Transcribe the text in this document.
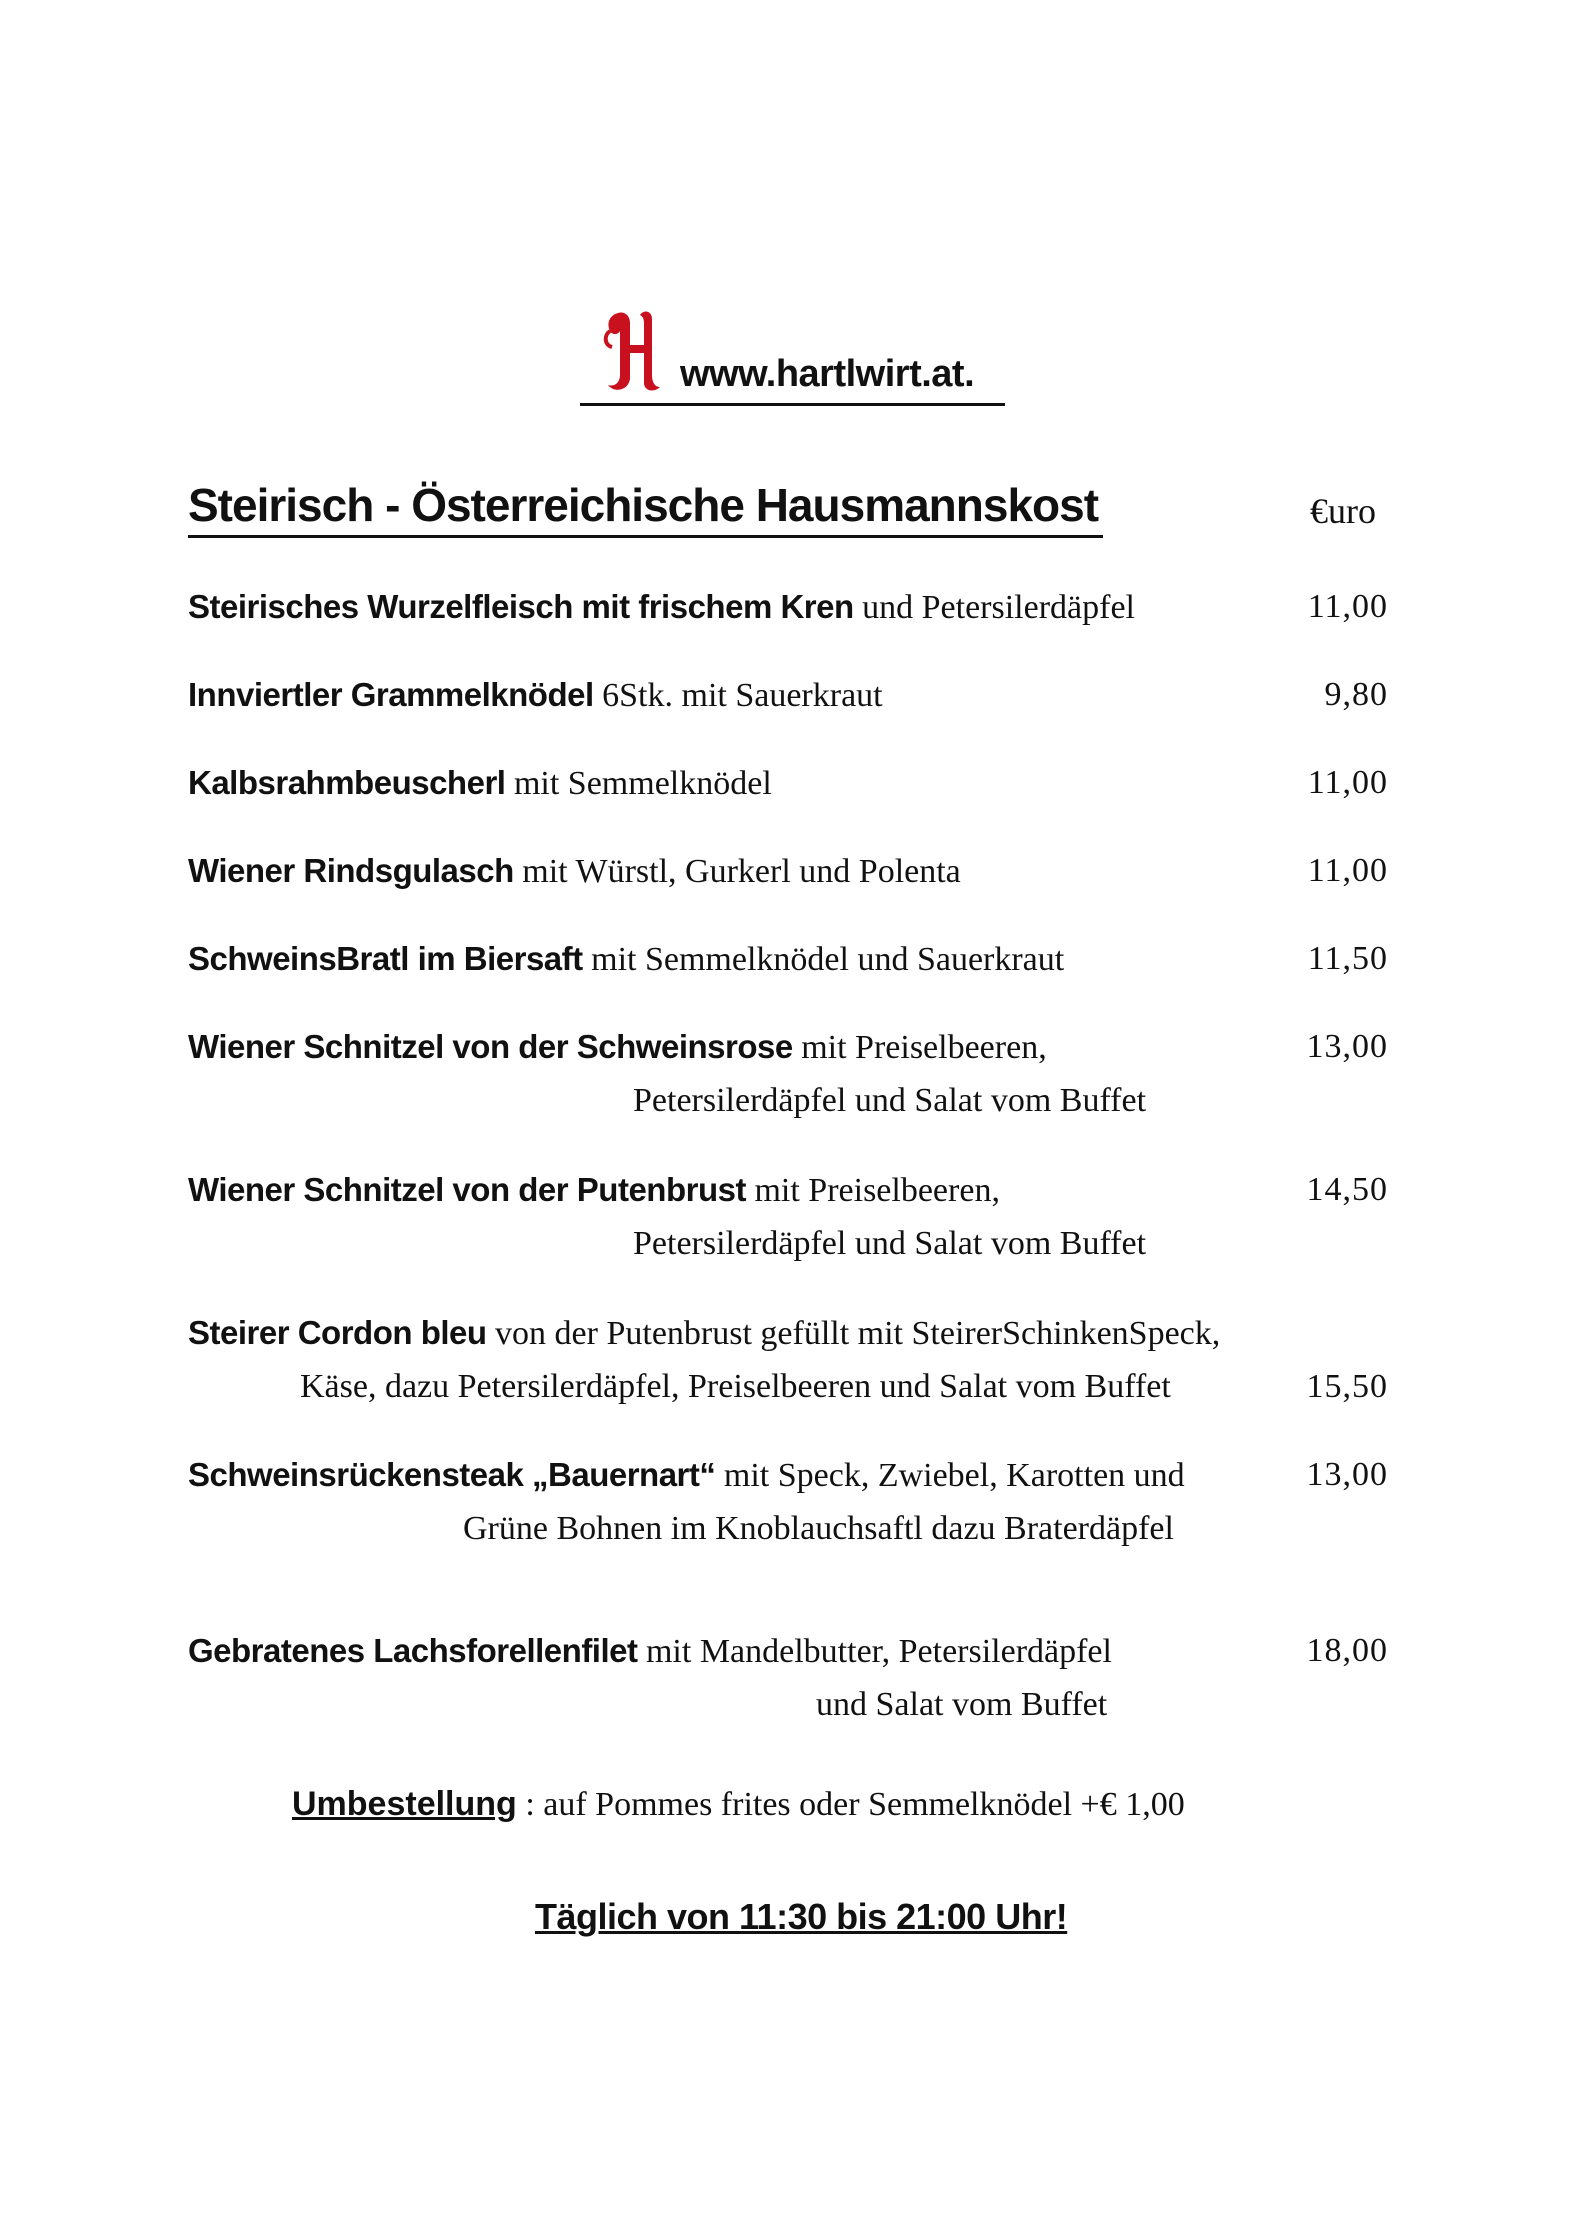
www.hartlwirt.at.
Steirisch - Österreichische Hausmannskost	€uro
Steirisches Wurzelfleisch mit frischem Kren und Petersilerdäpfel	11,00
Innviertler Grammelknödel 6Stk. mit Sauerkraut	9,80
Kalbsrahmbeuscherl mit Semmelknödel	11,00
Wiener Rindsgulasch mit Würstl, Gurkerl und Polenta	11,00
SchweinsBratl im Biersaft mit Semmelknödel und Sauerkraut	11,50
Wiener Schnitzel von der Schweinsrose mit Preiselbeeren,	13,00
Petersilerdäpfel und Salat vom Buffet
Wiener Schnitzel von der Putenbrust mit Preiselbeeren,	14,50
Petersilerdäpfel und Salat vom Buffet
Steirer Cordon bleu von der Putenbrust gefüllt mit SteirerSchinkenSpeck,
Käse, dazu Petersilerdäpfel, Preiselbeeren und Salat vom Buffet	15,50
Schweinsrückensteak „Bauernart“ mit Speck, Zwiebel, Karotten und	13,00
Grüne Bohnen im Knoblauchsaftl dazu Braterdäpfel
Gebratenes Lachsforellenfilet mit Mandelbutter, Petersilerdäpfel	18,00
und Salat vom Buffet
Umbestellung : auf Pommes frites oder Semmelknödel +€ 1,00
Täglich von 11:30 bis 21:00 Uhr!
